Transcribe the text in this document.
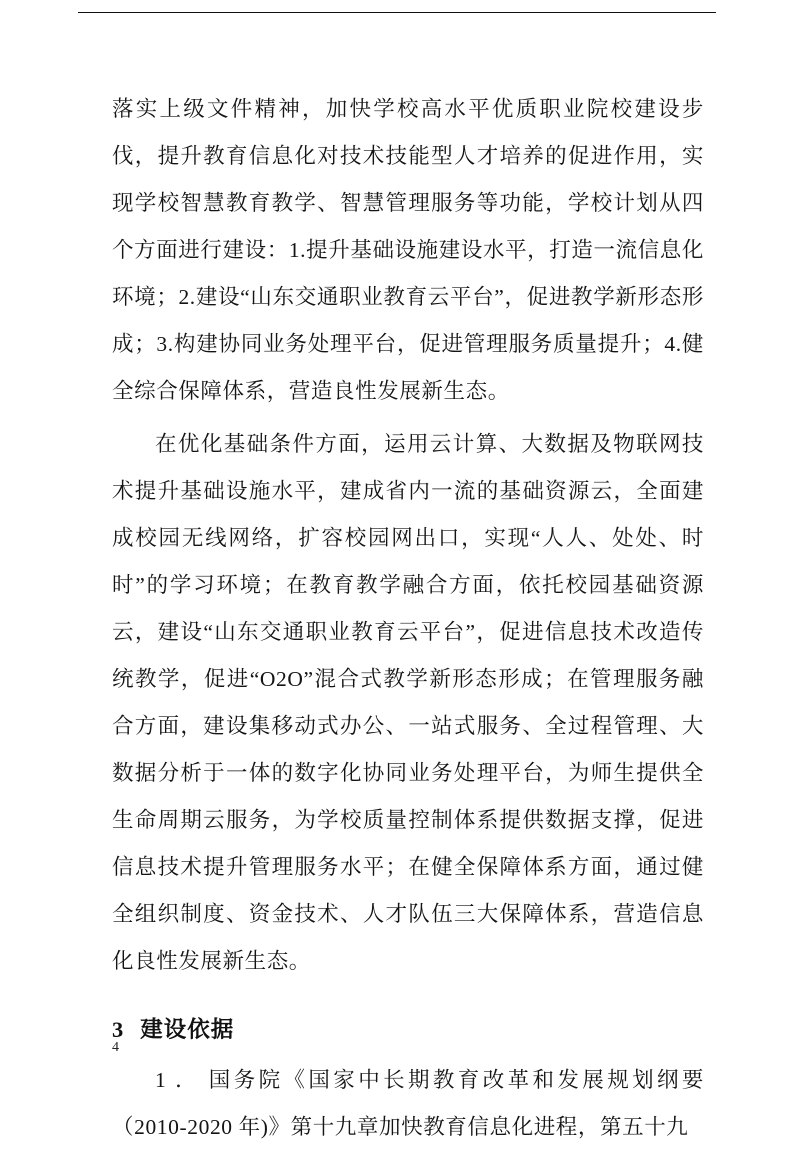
落实上级文件精神，加快学校高水平优质职业院校建设步 伐，提升教育信息化对技术技能型人才培养的促进作用，实现学校智慧教育教学、智慧管理服务等功能，学校计划从四个方面进行建设：1.提升基础设施建设水平，打造一流信息化环境；2.建设“山东交通职业教育云平台”，促进教学新形态形成；3.构建协同业务处理平台，促进管理服务质量提升；4.健全综合保障体系，营造良性发展新生态。

在优化基础条件方面，运用云计算、大数据及物联网技术提升基础设施水平，建成省内一流的基础资源云，全面建成校园无线网络，扩容校园网出口，实现“人人、处处、时时”的学习环境；在教育教学融合方面，依托校园基础资源云，建设“山东交通职业教育云平台”，促进信息技术改造传统教学，促进“O2O”混合式教学新形态形成；在管理服务融合方面，建设集移动式办公、一站式服务、全过程管理、大数据分析于一体的数字化协同业务处理平台，为师生提供全生命周期云服务，为学校质量控制体系提供数据支撑，促进信息技术提升管理服务水平；在健全保障体系方面，通过健全组织制度、资金技术、人才队伍三大保障体系，营造信息化良性发展新生态。

3 建设依据

1 ． 国务院《国家中长期教育改革和发展规划纲要（2010-2020 年)》第十九章加快教育信息化进程，第五十九

4
